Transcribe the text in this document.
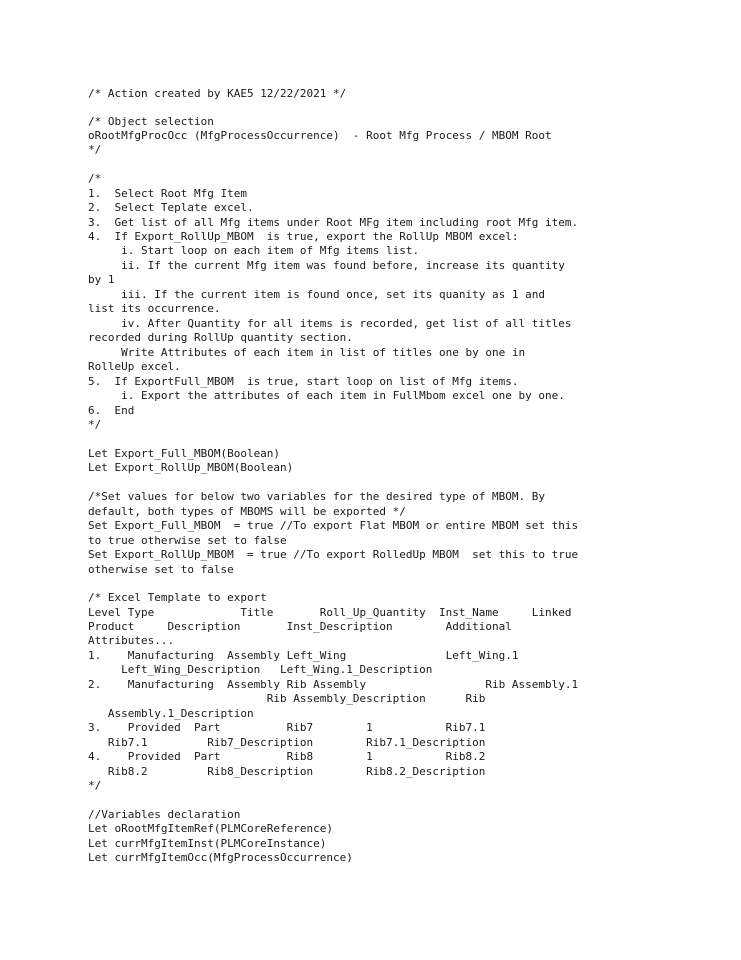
/* Action created by KAE5 12/22/2021 */
/* Object selection
oRootMfgProcOcc (MfgProcessOccurrence)  - Root Mfg Process / MBOM Root
*/
/*
1.  Select Root Mfg Item
2.  Select Teplate excel.
3.  Get list of all Mfg items under Root MFg item including root Mfg item.
4.  If Export_RollUp_MBOM  is true, export the RollUp MBOM excel:
i. Start loop on each item of Mfg items list.
ii. If the current Mfg item was found before, increase its quantity
by 1
iii. If the current item is found once, set its quanity as 1 and
list its occurrence.
iv. After Quantity for all items is recorded, get list of all titles
recorded during RollUp quantity section.
Write Attributes of each item in list of titles one by one in
RolleUp excel.
5.  If ExportFull_MBOM  is true, start loop on list of Mfg items.
i. Export the attributes of each item in FullMbom excel one by one.
6.  End
*/
Let Export_Full_MBOM(Boolean)
Let Export_RollUp_MBOM(Boolean)
/*Set values for below two variables for the desired type of MBOM. By
default, both types of MBOMS will be exported */
Set Export_Full_MBOM  = true //To export Flat MBOM or entire MBOM set this
to true otherwise set to false
Set Export_RollUp_MBOM  = true //To export RolledUp MBOM  set this to true
otherwise set to false
/* Excel Template to export
Level Type             Title       Roll_Up_Quantity  Inst_Name     Linked
Product     Description       Inst_Description        Additional
Attributes...
1.    Manufacturing  Assembly Left_Wing               Left_Wing.1
Left_Wing_Description   Left_Wing.1_Description
2.    Manufacturing  Assembly Rib Assembly                  Rib Assembly.1
Rib Assembly_Description      Rib
Assembly.1_Description
3.    Provided  Part          Rib7        1           Rib7.1
Rib7.1         Rib7_Description        Rib7.1_Description
4.    Provided  Part          Rib8        1           Rib8.2
Rib8.2         Rib8_Description        Rib8.2_Description
*/
//Variables declaration
Let oRootMfgItemRef(PLMCoreReference)
Let currMfgItemInst(PLMCoreInstance)
Let currMfgItemOcc(MfgProcessOccurrence)
